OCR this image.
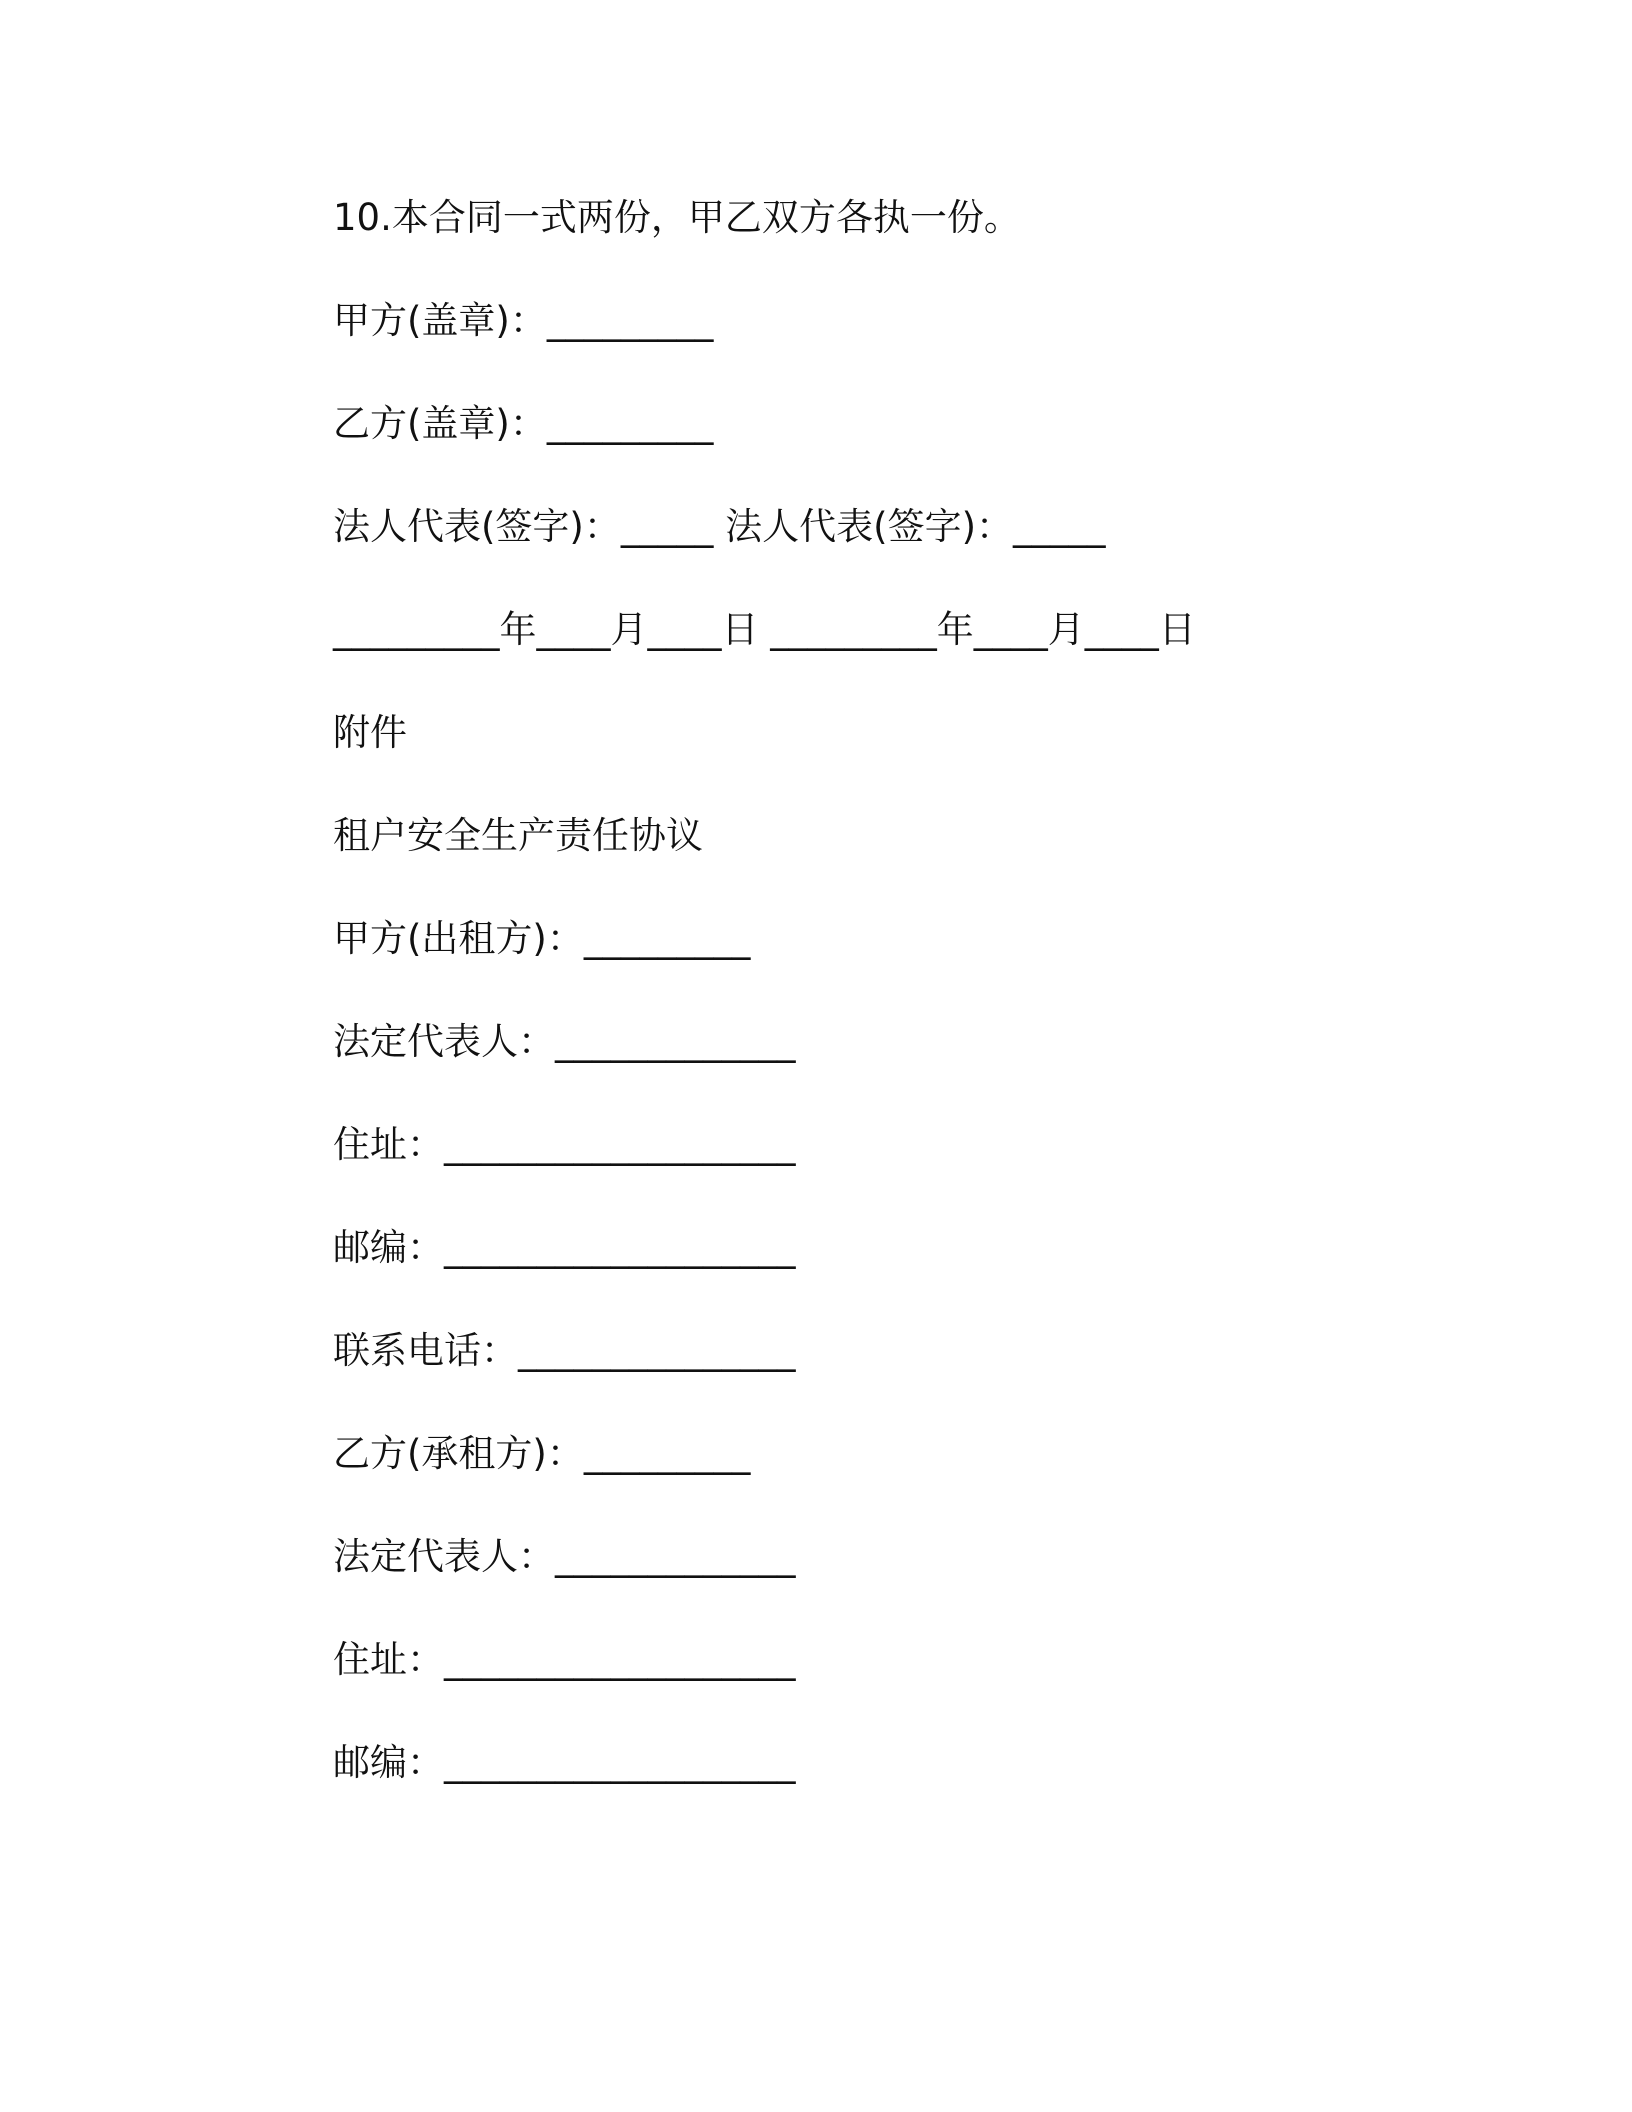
10.本合同一式两份，甲乙双方各执一份。

甲方(盖章)：_________

乙方(盖章)：_________

法人代表(签字)：_____ 法人代表(签字)：_____

_________年____月____日 _________年____月____日

附件

租户安全生产责任协议

甲方(出租方)：_________

法定代表人：_____________

住址：___________________

邮编：___________________

联系电话：_______________

乙方(承租方)：_________

法定代表人：_____________

住址：___________________

邮编：___________________
